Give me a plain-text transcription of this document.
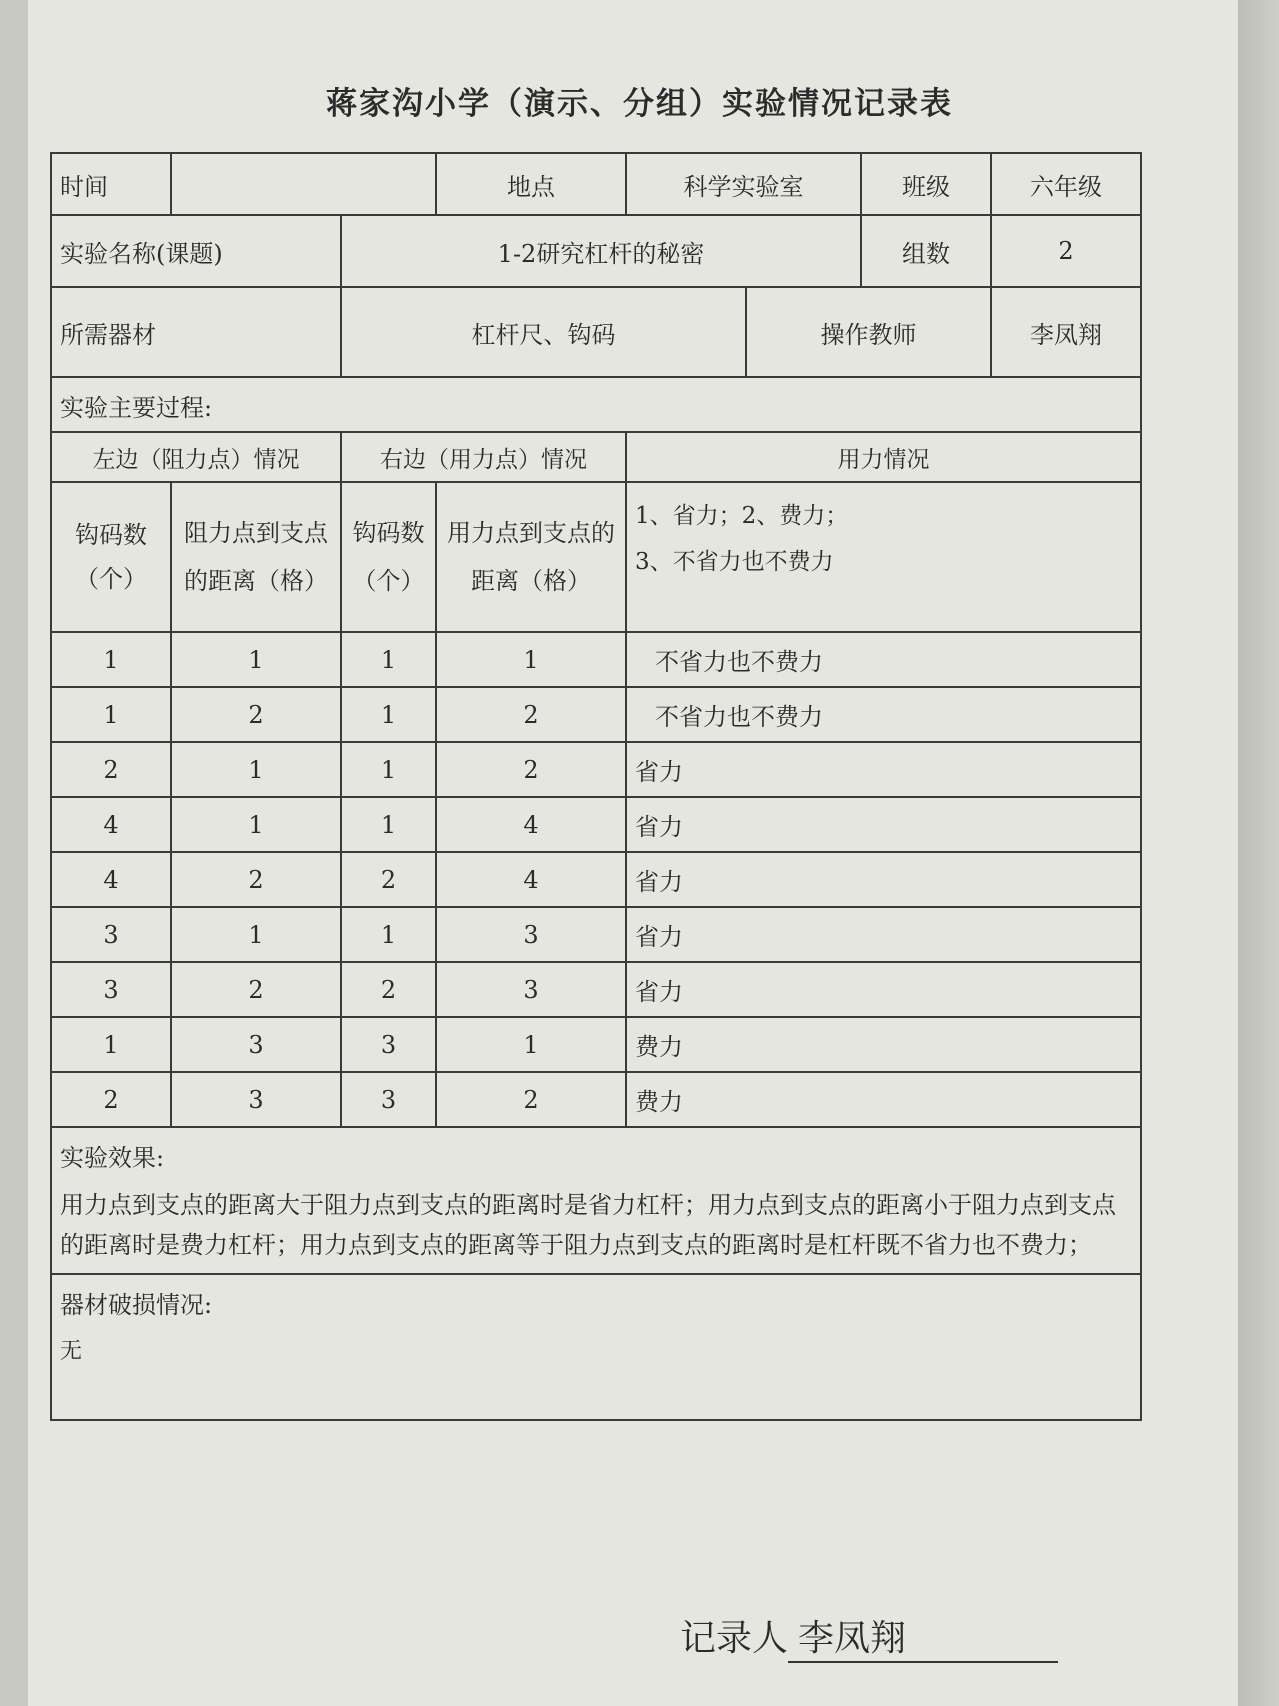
蒋家沟小学（演示、分组）实验情况记录表
时间			地点	科学实验室		班级	六年级
实验名称(课题)		1-2研究杠杆的秘密				组数	2
所需器材		杠杆尺、钩码			操作教师		李凤翔
实验主要过程:							
左边（阻力点）情况		右边（用力点）情况		用力情况			
钩码数（个）	阻力点到支点的距离（格）	钩码数（个）	用力点到支点的距离（格）	1、省力；2、费力；
3、不省力也不费力			

1	1	1	1	不省力也不费力			
1	2	1	2	不省力也不费力			
2	1	1	2	省力			
4	1	1	4	省力			
4	2	2	4	省力			
3	1	1	3	省力			
3	2	2	3	省力			
1	3	3	1	费力			
2	3	3	2	费力			
实验效果:							
用力点到支点的距离大于阻力点到支点的距离时是省力杠杆；用力点到支点的距离小于阻力点到支点的距离时是费力杠杆；用力点到支点的距离等于阻力点到支点的距离时是杠杆既不省力也不费力；							
器材破损情况:							
无							
记录人 李凤翔
